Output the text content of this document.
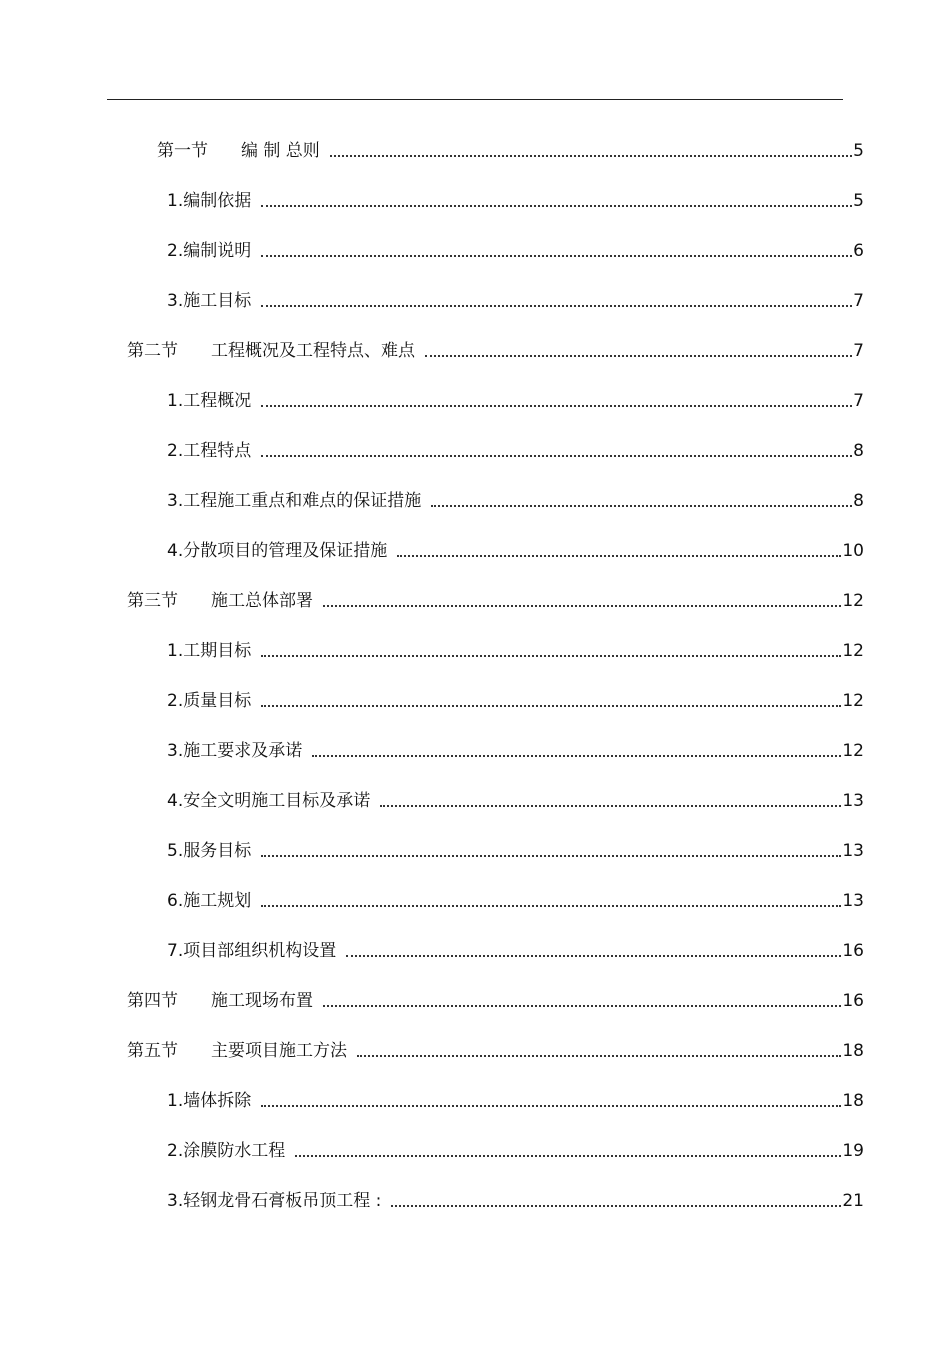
第一节	编 制 总则	5
1.编制依据	5
2.编制说明	6
3.施工目标	7
第二节	工程概况及工程特点、难点	7
1.工程概况	7
2.工程特点	8
3.工程施工重点和难点的保证措施	8
4.分散项目的管理及保证措施	10
第三节	施工总体部署	12
1.工期目标	12
2.质量目标	12
3.施工要求及承诺	12
4.安全文明施工目标及承诺	13
5.服务目标	13
6.施工规划	13
7.项目部组织机构设置	16
第四节	施工现场布置	16
第五节	主要项目施工方法	18
1.墙体拆除	18
2.涂膜防水工程	19
3.轻钢龙骨石膏板吊顶工程 :	21
